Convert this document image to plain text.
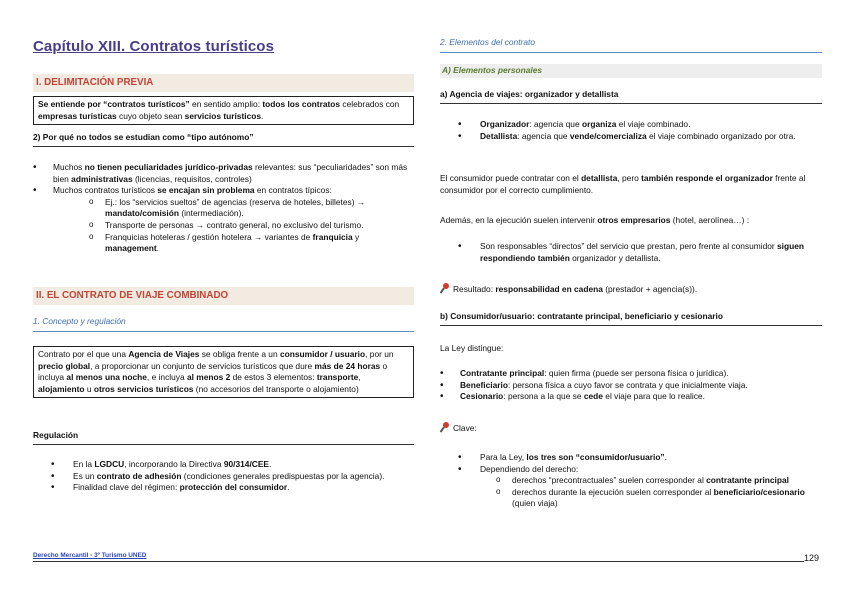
Capítulo XIII. Contratos turísticos
I. DELIMITACIÓN PREVIA
Se entiende por “contratos turísticos” en sentido amplio: todos los contratos celebrados con empresas turísticas cuyo objeto sean servicios turísticos.
2) Por qué no todos se estudian como “tipo autónomo”
• Muchos no tienen peculiaridades jurídico-privadas relevantes: sus “peculiaridades” son más bien administrativas (licencias, requisitos, controles)
• Muchos contratos turísticos se encajan sin problema en contratos típicos:
o Ej.: los “servicios sueltos” de agencias (reserva de hoteles, billetes) → mandato/comisión (intermediación).
o Transporte de personas → contrato general, no exclusivo del turismo.
o Franquicias hoteleras / gestión hotelera → variantes de franquicia y management.
II. EL CONTRATO DE VIAJE COMBINADO
1. Concepto y regulación
Contrato por el que una Agencia de Viajes se obliga frente a un consumidor / usuario, por un precio global, a proporcionar un conjunto de servicios turísticos que dure más de 24 horas o incluya al menos una noche, e incluya al menos 2 de estos 3 elementos: transporte, alojamiento u otros servicios turísticos (no accesorios del transporte o alojamiento)
Regulación
• En la LGDCU, incorporando la Directiva 90/314/CEE.
• Es un contrato de adhesión (condiciones generales predispuestas por la agencia).
• Finalidad clave del régimen: protección del consumidor.
2. Elementos del contrato
A) Elementos personales
a) Agencia de viajes: organizador y detallista
• Organizador: agencia que organiza el viaje combinado.
• Detallista: agencia que vende/comercializa el viaje combinado organizado por otra.
El consumidor puede contratar con el detallista, pero también responde el organizador frente al consumidor por el correcto cumplimiento.
Además, en la ejecución suelen intervenir otros empresarios (hotel, aerolínea…) :
• Son responsables “directos” del servicio que prestan, pero frente al consumidor siguen respondiendo también organizador y detallista.
Resultado: responsabilidad en cadena (prestador + agencia(s)).
b) Consumidor/usuario: contratante principal, beneficiario y cesionario
La Ley distingue:
• Contratante principal: quien firma (puede ser persona física o jurídica).
• Beneficiario: persona física a cuyo favor se contrata y que inicialmente viaja.
• Cesionario: persona a la que se cede el viaje para que lo realice.
Clave:
• Para la Ley, los tres son “consumidor/usuario”.
• Dependiendo del derecho:
o derechos “precontractuales” suelen corresponder al contratante principal
o derechos durante la ejecución suelen corresponder al beneficiario/cesionario (quien viaja)
Derecho Mercantil - 3º Turismo UNED	129
